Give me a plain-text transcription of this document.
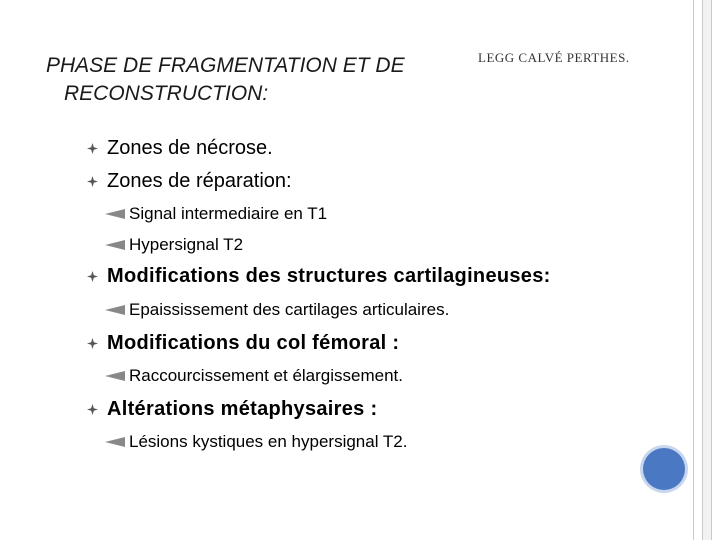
LEGG CALVÉ PERTHES.
PHASE DE FRAGMENTATION ET DE
RECONSTRUCTION:
Zones de nécrose.
Zones de réparation:
Signal intermediaire en T1
Hypersignal T2
Modifications des structures cartilagineuses:
Epaississement des cartilages articulaires.
Modifications du col fémoral :
Raccourcissement et élargissement.
Altérations métaphysaires :
Lésions kystiques en hypersignal T2.
